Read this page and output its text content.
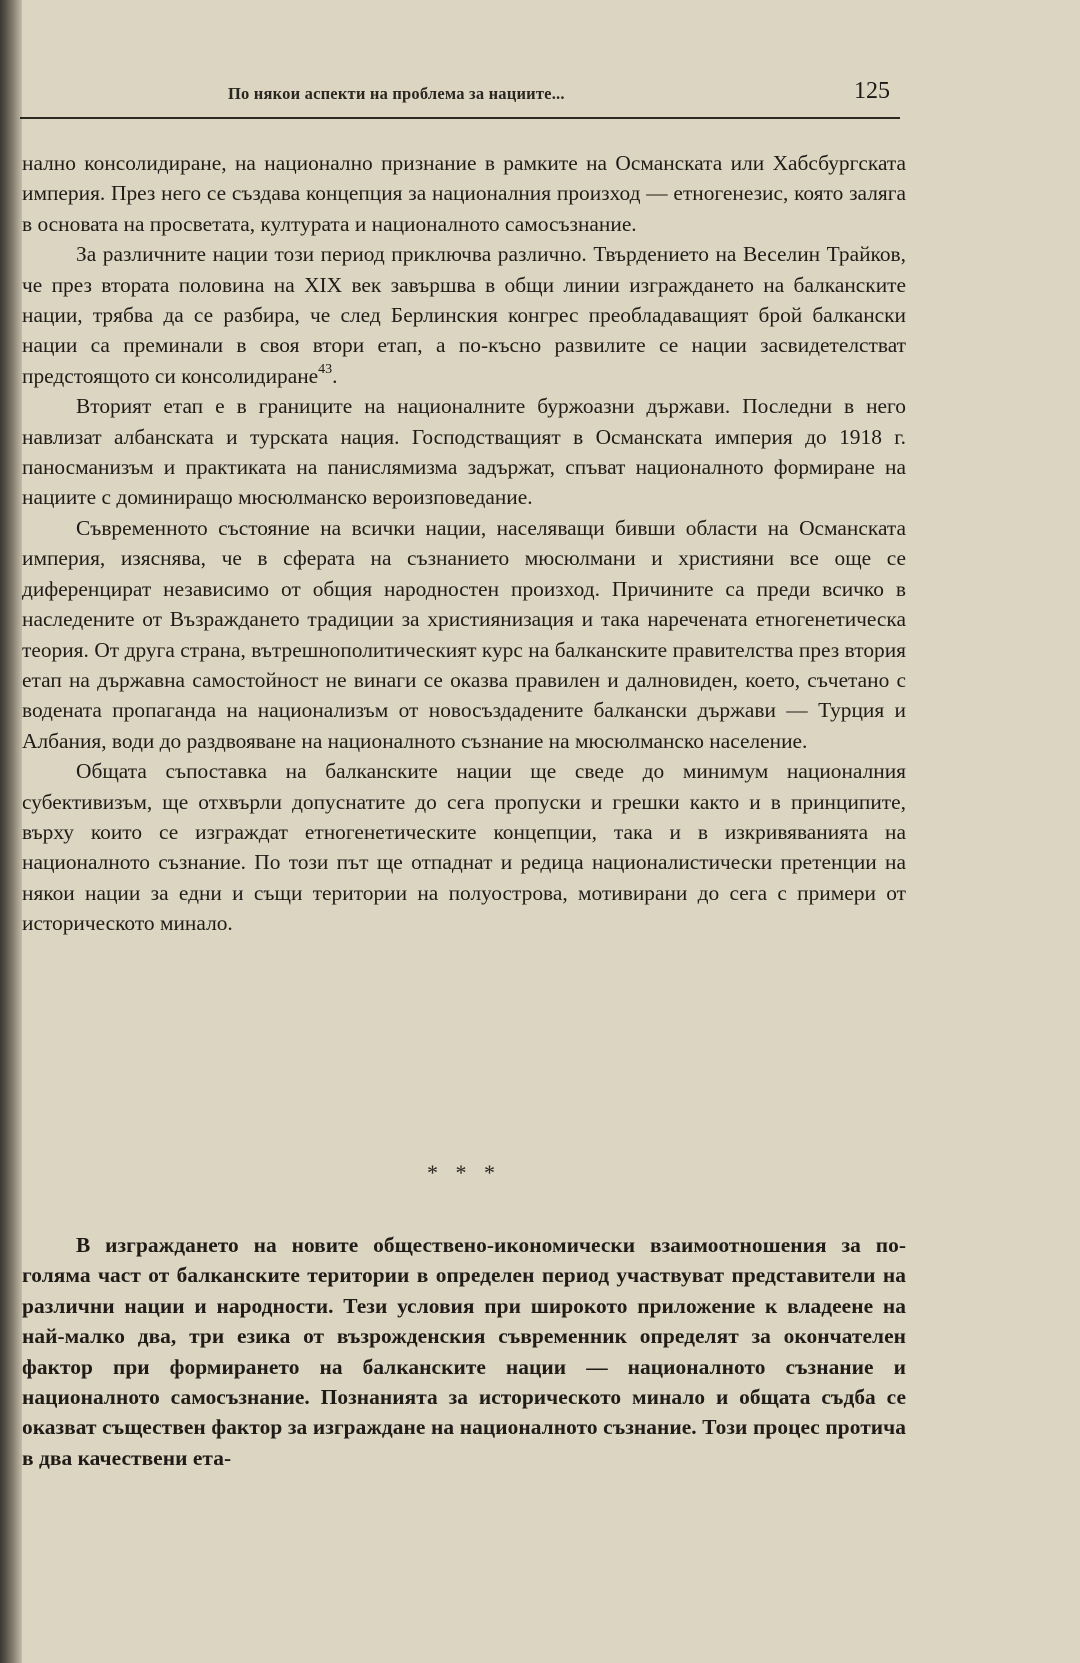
По някои аспекти на проблема за нациите...	125

нално консолидиране, на национално признание в рамките на Османската или Хабсбургската империя. През него се създава концепция за националния произход — етногенезис, която заляга в основата на просветата, културата и националното самосъзнание.

За различните нации този период приключва различно. Твърдението на Веселин Трайков, че през втората половина на XIX век завършва в общи линии изграждането на балканските нации, трябва да се разбира, че след Берлинския конгрес преобладаващият брой балкански нации са преминали в своя втори етап, а по-късно развилите се нации засвидетелстват предстоящото си консолидиране$^{43}$.

Вторият етап е в границите на националните буржоазни държави. Последни в него навлизат албанската и турската нация. Господстващият в Османската империя до 1918 г. паносманизъм и практиката на панислямизма задържат, спъват националното формиране на нациите с доминиращо мюсюлманско вероизповедание.

Съвременното състояние на всички нации, населяващи бивши области на Османската империя, изяснява, че в сферата на съзнанието мюсюлмани и християни все още се диференцират независимо от общия народностен произход. Причините са преди всичко в наследените от Възраждането традиции за християнизация и така наречената етногенетическа теория. От друга страна, вътрешнополитическият курс на балканските правителства през втория етап на държавна самостойност не винаги се оказва правилен и далновиден, което, съчетано с водената пропаганда на национализъм от новосъздадените балкански държави — Турция и Албания, води до раздвояване на националното съзнание на мюсюлманско население.

Общата съпоставка на балканските нации ще сведе до минимум националния субективизъм, ще отхвърли допуснатите до сега пропуски и грешки както и в принципите, върху които се изграждат етногенетическите концепции, така и в изкривяванията на националното съзнание. По този път ще отпаднат и редица националистически претенции на някои нации за едни и същи територии на полуострова, мотивирани до сега с примери от историческото минало.

* * *

В изграждането на новите обществено-икономически взаимоотношения за по-голяма част от балканските територии в определен период участвуват представители на различни нации и народности. Тези условия при широкото приложение к владеене на най-малко два, три езика от възрожденския съвременник определят за окончателен фактор при формирането на балканските нации — националното съзнание и националното самосъзнание. Познанията за историческото минало и общата съдба се оказват съществен фактор за изграждане на националното съзнание. Този процес протича в два качествени ета-
